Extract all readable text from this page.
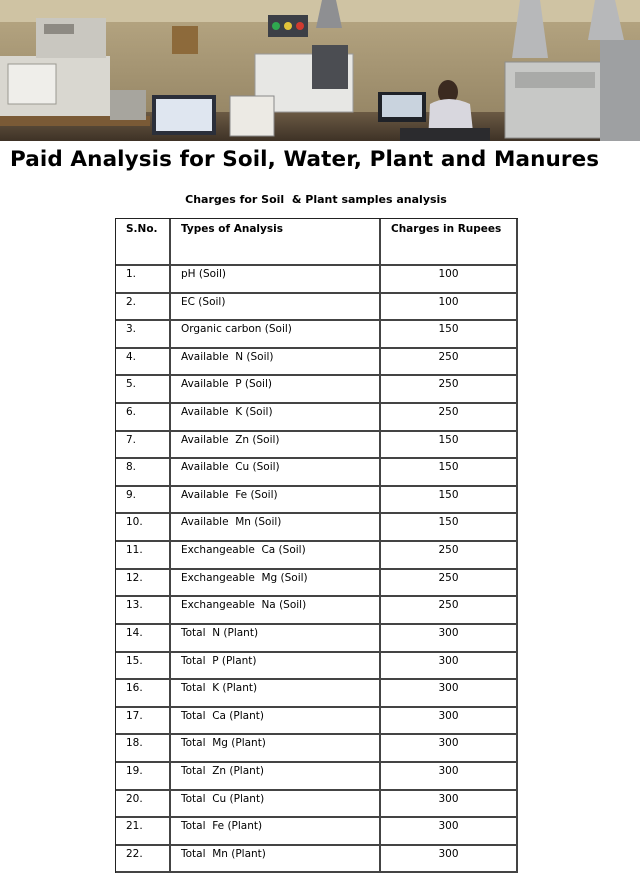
Paid Analysis for Soil, Water, Plant and Manures
Charges for Soil  & Plant samples analysis
S.No.	Types of Analysis	Charges in Rupees
1.	pH (Soil)	100
2.	EC (Soil)	100
3.	Organic carbon (Soil)	150
4.	Available  N (Soil)	250
5.	Available  P (Soil)	250
6.	Available  K (Soil)	250
7.	Available  Zn (Soil)	150
8.	Available  Cu (Soil)	150
9.	Available  Fe (Soil)	150
10.	Available  Mn (Soil)	150
11.	Exchangeable  Ca (Soil)	250
12.	Exchangeable  Mg (Soil)	250
13.	Exchangeable  Na (Soil)	250
14.	Total  N (Plant)	300
15.	Total  P (Plant)	300
16.	Total  K (Plant)	300
17.	Total  Ca (Plant)	300
18.	Total  Mg (Plant)	300
19.	Total  Zn (Plant)	300
20.	Total  Cu (Plant)	300
21.	Total  Fe (Plant)	300
22.	Total  Mn (Plant)	300
